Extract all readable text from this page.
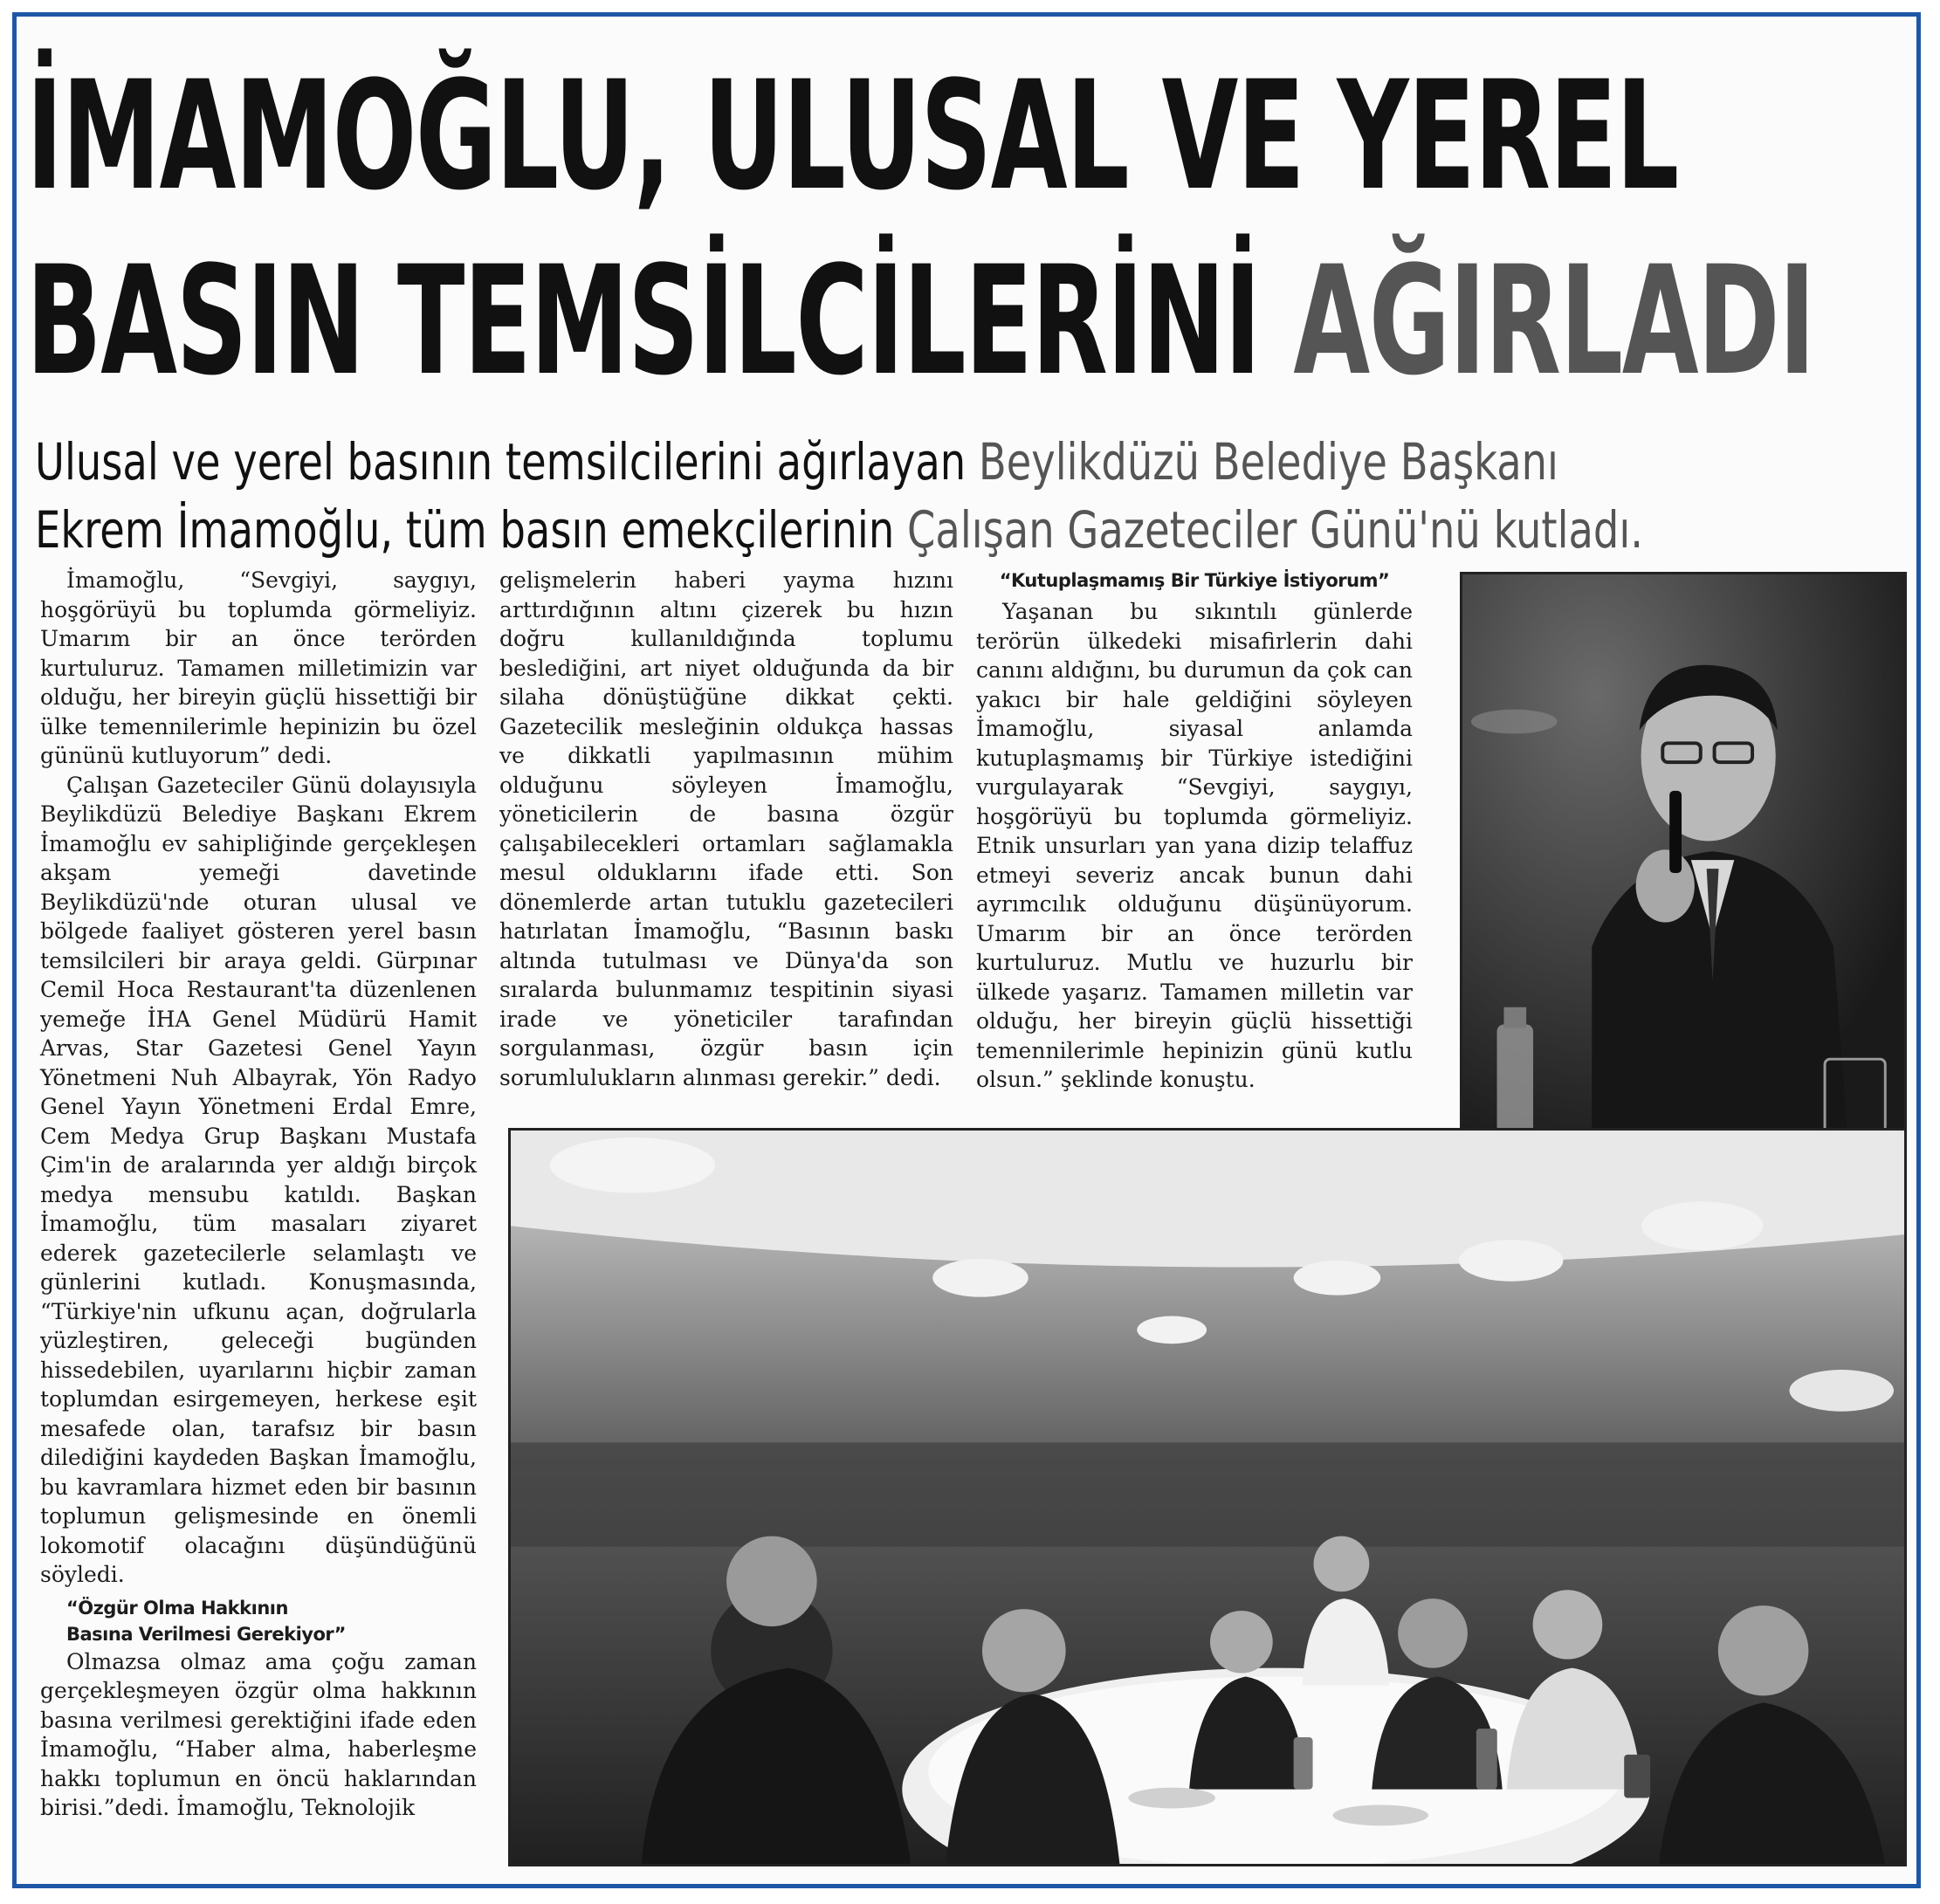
İMAMOĞLU, ULUSAL VE YEREL
BASIN TEMSİLCİLERİNİ AĞIRLADI
Ulusal ve yerel basının temsilcilerini ağırlayan Beylikdüzü Belediye Başkanı
Ekrem İmamoğlu, tüm basın emekçilerinin Çalışan Gazeteciler Günü'nü kutladı.

İmamoğlu, “Sevgiyi, saygıyı, hoşgörüyü bu toplumda görmeliyiz. Umarım bir an önce terörden kurtuluruz. Tamamen milletimizin var olduğu, her bireyin güçlü hissettiği bir ülke temennilerimle hepinizin bu özel gününü kutluyorum” dedi.

Çalışan Gazeteciler Günü dolayısıyla Beylikdüzü Belediye Başkanı Ekrem İmamoğlu ev sahipliğinde gerçekleşen akşam yemeği davetinde Beylikdüzü'nde oturan ulusal ve bölgede faaliyet gösteren yerel basın temsilcileri bir araya geldi. Gürpınar Cemil Hoca Restaurant'ta düzenlenen yemeğe İHA Genel Müdürü Hamit Arvas, Star Gazetesi Genel Yayın Yönetmeni Nuh Albayrak, Yön Radyo Genel Yayın Yönetmeni Erdal Emre, Cem Medya Grup Başkanı Mustafa Çim'in de aralarında yer aldığı birçok medya mensubu katıldı. Başkan İmamoğlu, tüm masaları ziyaret ederek gazetecilerle selamlaştı ve günlerini kutladı. Konuşmasında, “Türkiye'nin ufkunu açan, doğrularla yüzleştiren, geleceği bugünden hissedebilen, uyarılarını hiçbir zaman toplumdan esirgemeyen, herkese eşit mesafede olan, tarafsız bir basın dilediğini kaydeden Başkan İmamoğlu, bu kavramlara hizmet eden bir basının toplumun gelişmesinde en önemli lokomotif olacağını düşündüğünü söyledi.

“Özgür Olma Hakkının
Basına Verilmesi Gerekiyor”

Olmazsa olmaz ama çoğu zaman gerçekleşmeyen özgür olma hakkının basına verilmesi gerektiğini ifade eden İmamoğlu, “Haber alma, haberleşme hakkı toplumun en öncü haklarından birisi.”dedi. İmamoğlu, Teknolojik

gelişmelerin haberi yayma hızını arttırdığının altını çizerek bu hızın doğru kullanıldığında toplumu beslediğini, art niyet olduğunda da bir silaha dönüştüğüne dikkat çekti. Gazetecilik mesleğinin oldukça hassas ve dikkatli yapılmasının mühim olduğunu söyleyen İmamoğlu, yöneticilerin de basına özgür çalışabilecekleri ortamları sağlamakla mesul olduklarını ifade etti. Son dönemlerde artan tutuklu gazetecileri hatırlatan İmamoğlu, “Basının baskı altında tutulması ve Dünya'da son sıralarda bulunmamız tespitinin siyasi irade ve yöneticiler tarafından sorgulanması, özgür basın için sorumlulukların alınması gerekir.” dedi.

“Kutuplaşmamış Bir Türkiye İstiyorum”

Yaşanan bu sıkıntılı günlerde terörün ülkedeki misafirlerin dahi canını aldığını, bu durumun da çok can yakıcı bir hale geldiğini söyleyen İmamoğlu, siyasal anlamda kutuplaşmamış bir Türkiye istediğini vurgulayarak “Sevgiyi, saygıyı, hoşgörüyü bu toplumda görmeliyiz. Etnik unsurları yan yana dizip telaffuz etmeyi severiz ancak bunun dahi ayrımcılık olduğunu düşünüyorum. Umarım bir an önce terörden kurtuluruz. Mutlu ve huzurlu bir ülkede yaşarız. Tamamen milletin var olduğu, her bireyin güçlü hissettiği temennilerimle hepinizin günü kutlu olsun.” şeklinde konuştu.
